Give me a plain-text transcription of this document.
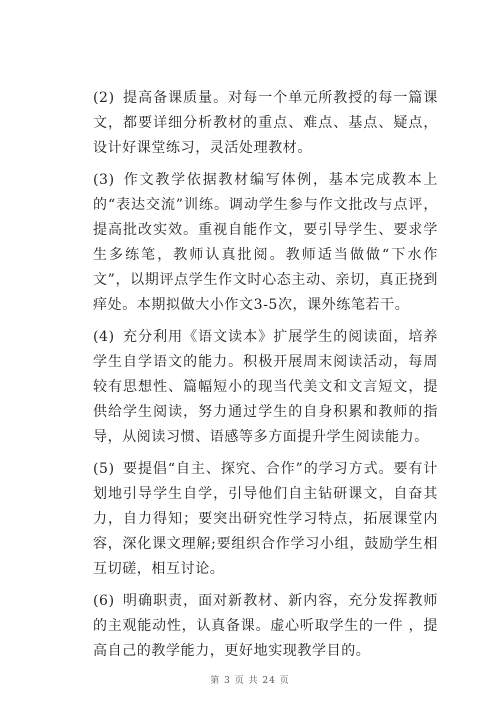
(2) 提高备课质量。对每一个单元所教授的每一篇课文，都要详细分析教材的重点、难点、基点、疑点，设计好课堂练习，灵活处理教材。

(3) 作文教学依据教材编写体例，基本完成教本上的“表达交流”训练。调动学生参与作文批改与点评，提高批改实效。重视自能作文，要引导学生、要求学生多练笔，教师认真批阅。教师适当做做“下水作文”，以期评点学生作文时心态主动、亲切，真正挠到痒处。本期拟做大小作文3-5次，课外练笔若干。

(4) 充分利用《语文读本》扩展学生的阅读面，培养学生自学语文的能力。积极开展周末阅读活动，每周较有思想性、篇幅短小的现当代美文和文言短文，提供给学生阅读，努力通过学生的自身积累和教师的指导，从阅读习惯、语感等多方面提升学生阅读能力。

(5) 要提倡“自主、探究、合作”的学习方式。要有计划地引导学生自学，引导他们自主钻研课文，自奋其力，自力得知；要突出研究性学习特点，拓展课堂内容，深化课文理解;要组织合作学习小组，鼓励学生相互切磋，相互讨论。

(6) 明确职责，面对新教材、新内容，充分发挥教师的主观能动性，认真备课。虚心听取学生的一件 ，提高自己的教学能力，更好地实现教学目的。

第 3 页 共 24 页
